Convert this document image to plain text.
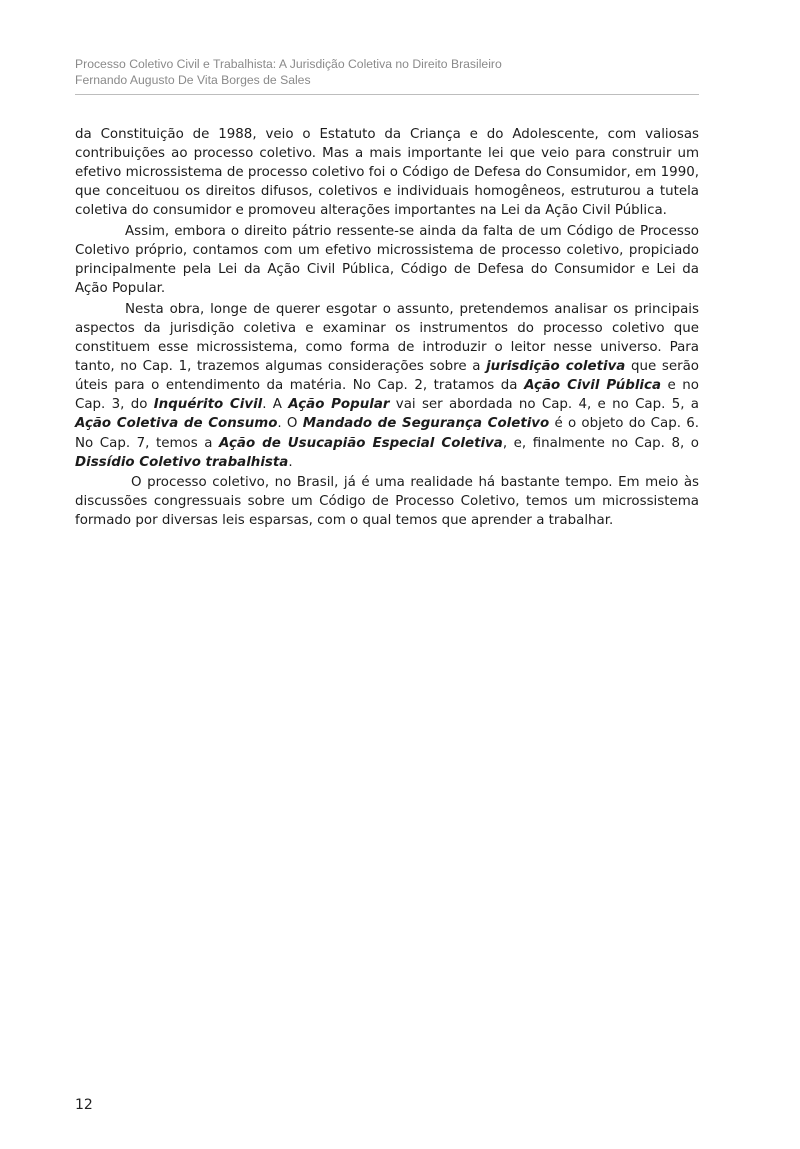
Processo Coletivo Civil e Trabalhista: A Jurisdição Coletiva no Direito Brasileiro
Fernando Augusto De Vita Borges de Sales

da Constituição de 1988, veio o Estatuto da Criança e do Adolescente, com valiosas contribuições ao processo coletivo. Mas a mais importante lei que veio para construir um efetivo microssistema de processo coletivo foi o Código de Defesa do Consumidor, em 1990, que conceituou os direitos difusos, coletivos e individuais homogêneos, estruturou a tutela coletiva do consumidor e promoveu alterações importantes na Lei da Ação Civil Pública.

Assim, embora o direito pátrio ressente-se ainda da falta de um Código de Processo Coletivo próprio, contamos com um efetivo microssistema de processo coletivo, propiciado principalmente pela Lei da Ação Civil Pública, Código de Defesa do Consumidor e Lei da Ação Popular.

Nesta obra, longe de querer esgotar o assunto, pretendemos analisar os principais aspectos da jurisdição coletiva e examinar os instrumentos do processo coletivo que constituem esse microssistema, como forma de introduzir o leitor nesse universo. Para tanto, no Cap. 1, trazemos algumas considerações sobre a jurisdição coletiva que serão úteis para o entendimento da matéria. No Cap. 2, tratamos da Ação Civil Pública e no Cap. 3, do Inquérito Civil. A Ação Popular vai ser abordada no Cap. 4, e no Cap. 5, a Ação Coletiva de Consumo. O Mandado de Segurança Coletivo é o objeto do Cap. 6. No Cap. 7, temos a Ação de Usucapião Especial Coletiva, e, finalmente no Cap. 8, o Dissídio Coletivo trabalhista.

O processo coletivo, no Brasil, já é uma realidade há bastante tempo. Em meio às discussões congressuais sobre um Código de Processo Coletivo, temos um microssistema formado por diversas leis esparsas, com o qual temos que aprender a trabalhar.

12
